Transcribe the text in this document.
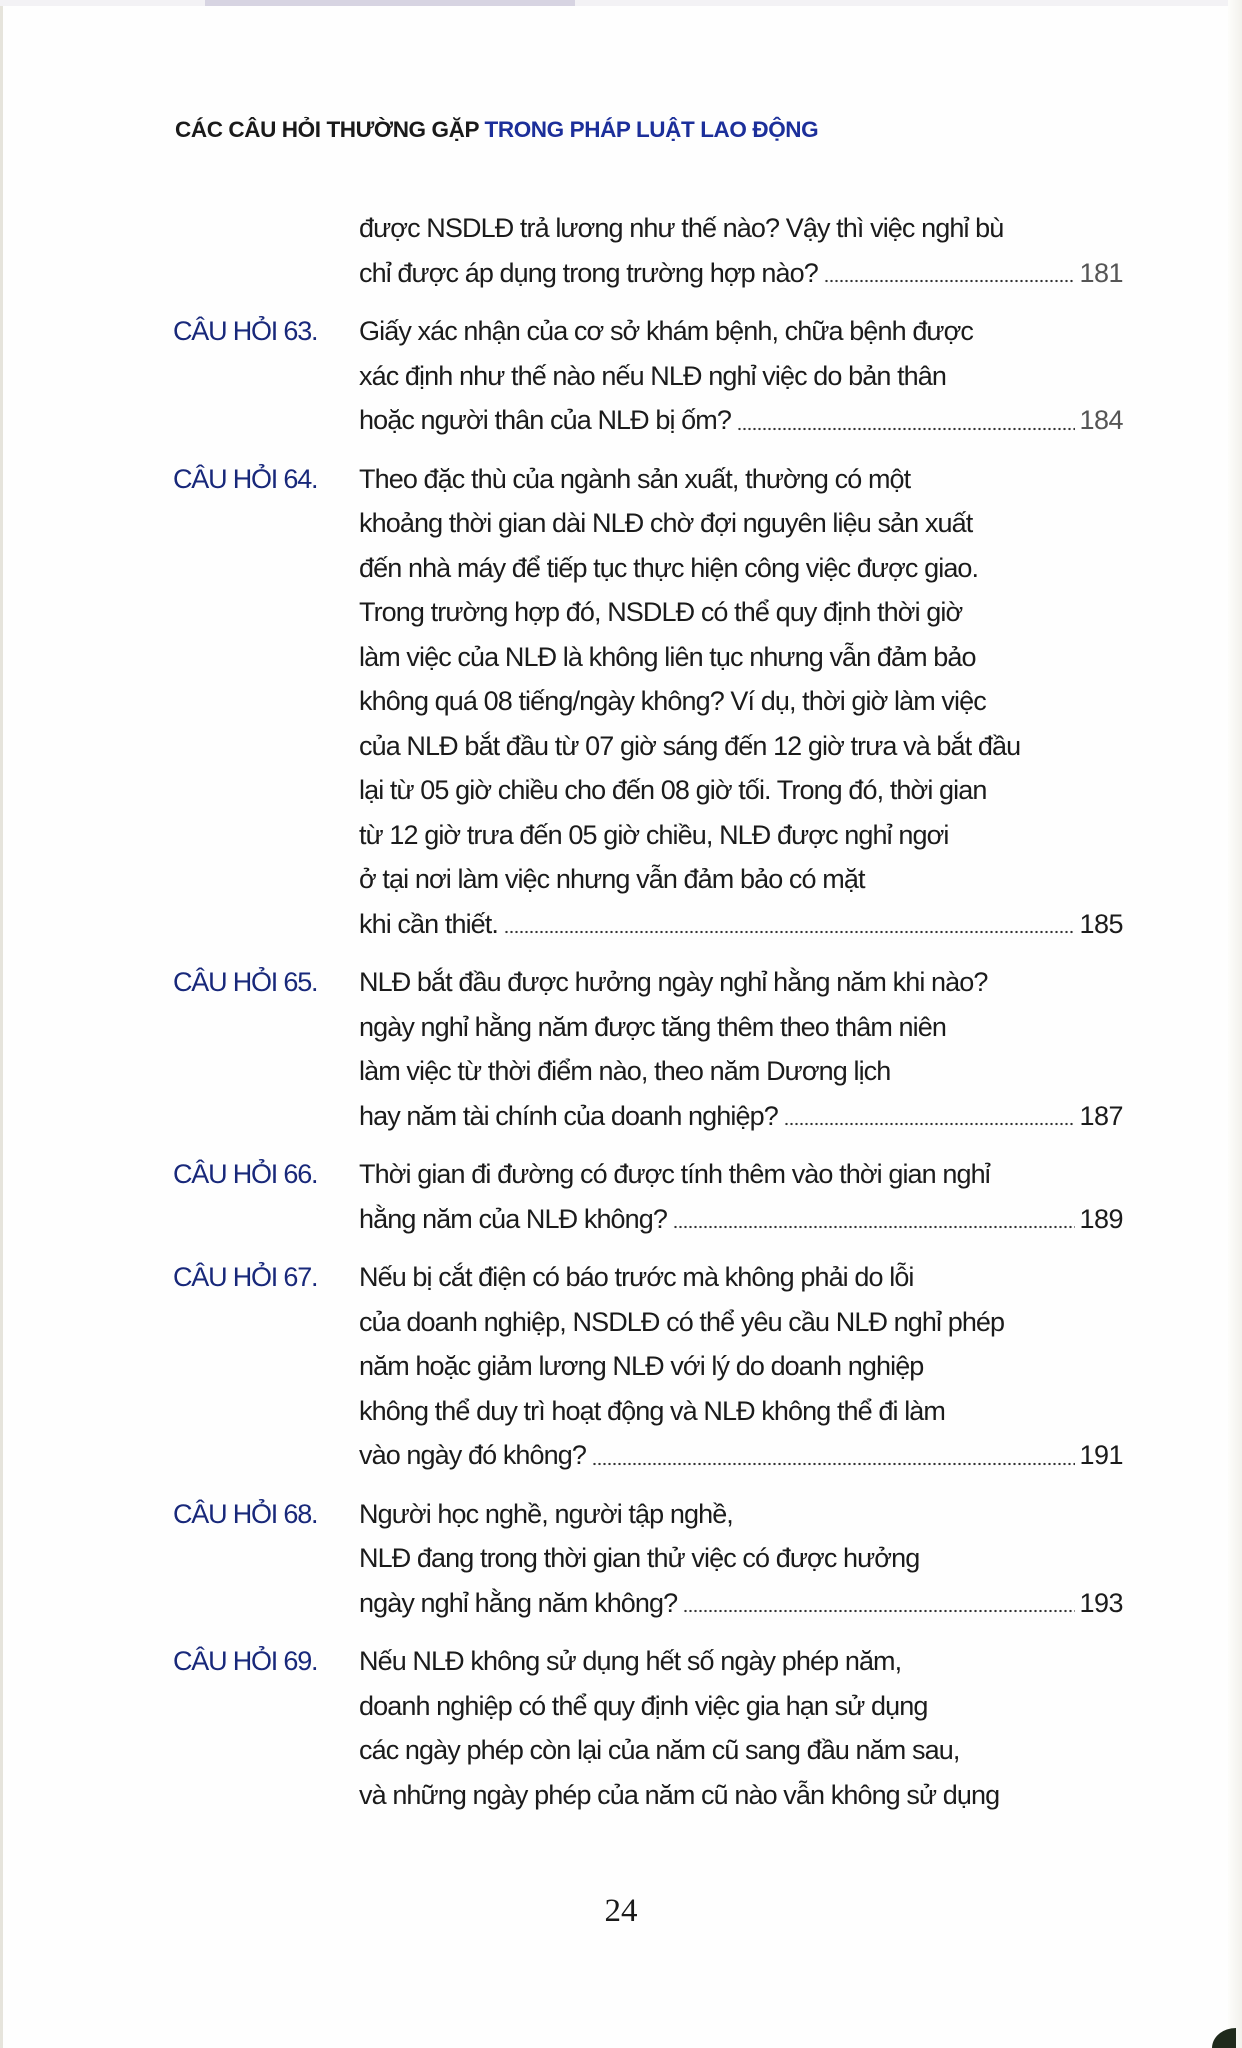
CÁC CÂU HỎI THƯỜNG GẶP TRONG PHÁP LUẬT LAO ĐỘNG
được NSDLĐ trả lương như thế nào? Vậy thì việc nghỉ bù
chỉ được áp dụng trong trường hợp nào?	181
CÂU HỎI 63.	Giấy xác nhận của cơ sở khám bệnh, chữa bệnh được
xác định như thế nào nếu NLĐ nghỉ việc do bản thân
hoặc người thân của NLĐ bị ốm?	184
CÂU HỎI 64.	Theo đặc thù của ngành sản xuất, thường có một
khoảng thời gian dài NLĐ chờ đợi nguyên liệu sản xuất
đến nhà máy để tiếp tục thực hiện công việc được giao.
Trong trường hợp đó, NSDLĐ có thể quy định thời giờ
làm việc của NLĐ là không liên tục nhưng vẫn đảm bảo
không quá 08 tiếng/ngày không? Ví dụ, thời giờ làm việc
của NLĐ bắt đầu từ 07 giờ sáng đến 12 giờ trưa và bắt đầu
lại từ 05 giờ chiều cho đến 08 giờ tối. Trong đó, thời gian
từ 12 giờ trưa đến 05 giờ chiều, NLĐ được nghỉ ngơi
ở tại nơi làm việc nhưng vẫn đảm bảo có mặt
khi cần thiết.	185
CÂU HỎI 65.	NLĐ bắt đầu được hưởng ngày nghỉ hằng năm khi nào?
ngày nghỉ hằng năm được tăng thêm theo thâm niên
làm việc từ thời điểm nào, theo năm Dương lịch
hay năm tài chính của doanh nghiệp?	187
CÂU HỎI 66.	Thời gian đi đường có được tính thêm vào thời gian nghỉ
hằng năm của NLĐ không?	189
CÂU HỎI 67.	Nếu bị cắt điện có báo trước mà không phải do lỗi
của doanh nghiệp, NSDLĐ có thể yêu cầu NLĐ nghỉ phép
năm hoặc giảm lương NLĐ với lý do doanh nghiệp
không thể duy trì hoạt động và NLĐ không thể đi làm
vào ngày đó không?	191
CÂU HỎI 68.	Người học nghề, người tập nghề,
NLĐ đang trong thời gian thử việc có được hưởng
ngày nghỉ hằng năm không?	193
CÂU HỎI 69.	Nếu NLĐ không sử dụng hết số ngày phép năm,
doanh nghiệp có thể quy định việc gia hạn sử dụng
các ngày phép còn lại của năm cũ sang đầu năm sau,
và những ngày phép của năm cũ nào vẫn không sử dụng
24
